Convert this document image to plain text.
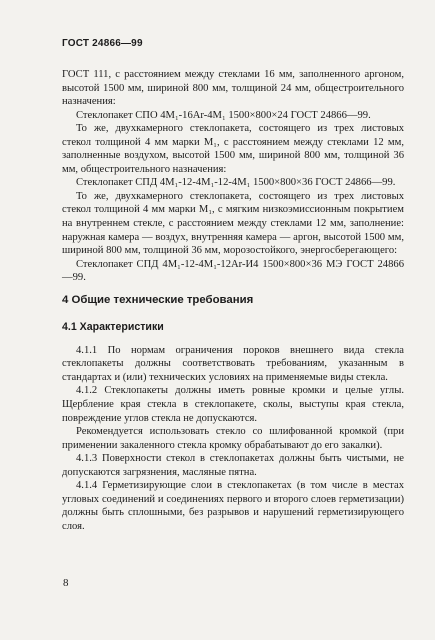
ГОСТ 24866—99

ГОСТ 111, с расстоянием между стеклами 16 мм, заполненного аргоном, высотой 1500 мм, шириной 800 мм, толщиной 24 мм, общестроительного назначения:

Стеклопакет СПО 4М₁-16Ar-4М₁ 1500×800×24 ГОСТ 24866—99.

То же, двухкамерного стеклопакета, состоящего из трех листовых стекол толщиной 4 мм марки М₁, с расстоянием между стеклами 12 мм, заполненные воздухом, высотой 1500 мм, шириной 800 мм, толщиной 36 мм, общестроительного назначения:

Стеклопакет СПД 4М₁-12-4М₁-12-4М₁ 1500×800×36 ГОСТ 24866—99.

То же, двухкамерного стеклопакета, состоящего из трех листовых стекол толщиной 4 мм марки М₁, с мягким низкоэмиссионным покрытием на внутреннем стекле, с расстоянием между стеклами 12 мм, заполнение: наружная камера — воздух, внутренняя камера — аргон, высотой 1500 мм, шириной 800 мм, толщиной 36 мм, морозостойкого, энергосберегающего:

Стеклопакет СПД 4М₁-12-4М₁-12Ar-И4 1500×800×36 МЭ ГОСТ 24866—99.

4 Общие технические требования
4.1 Характеристики

4.1.1 По нормам ограничения пороков внешнего вида стекла стеклопакеты должны соответствовать требованиям, указанным в стандартах и (или) технических условиях на применяемые виды стекла.

4.1.2 Стеклопакеты должны иметь ровные кромки и целые углы. Щербление края стекла в стеклопакете, сколы, выступы края стекла, повреждение углов стекла не допускаются.

Рекомендуется использовать стекло со шлифованной кромкой (при применении закаленного стекла кромку обрабатывают до его закалки).

4.1.3 Поверхности стекол в стеклопакетах должны быть чистыми, не допускаются загрязнения, масляные пятна.

4.1.4 Герметизирующие слои в стеклопакетах (в том числе в местах угловых соединений и соединениях первого и второго слоев герметизации) должны быть сплошными, без разрывов и нарушений герметизирующего слоя.

8
